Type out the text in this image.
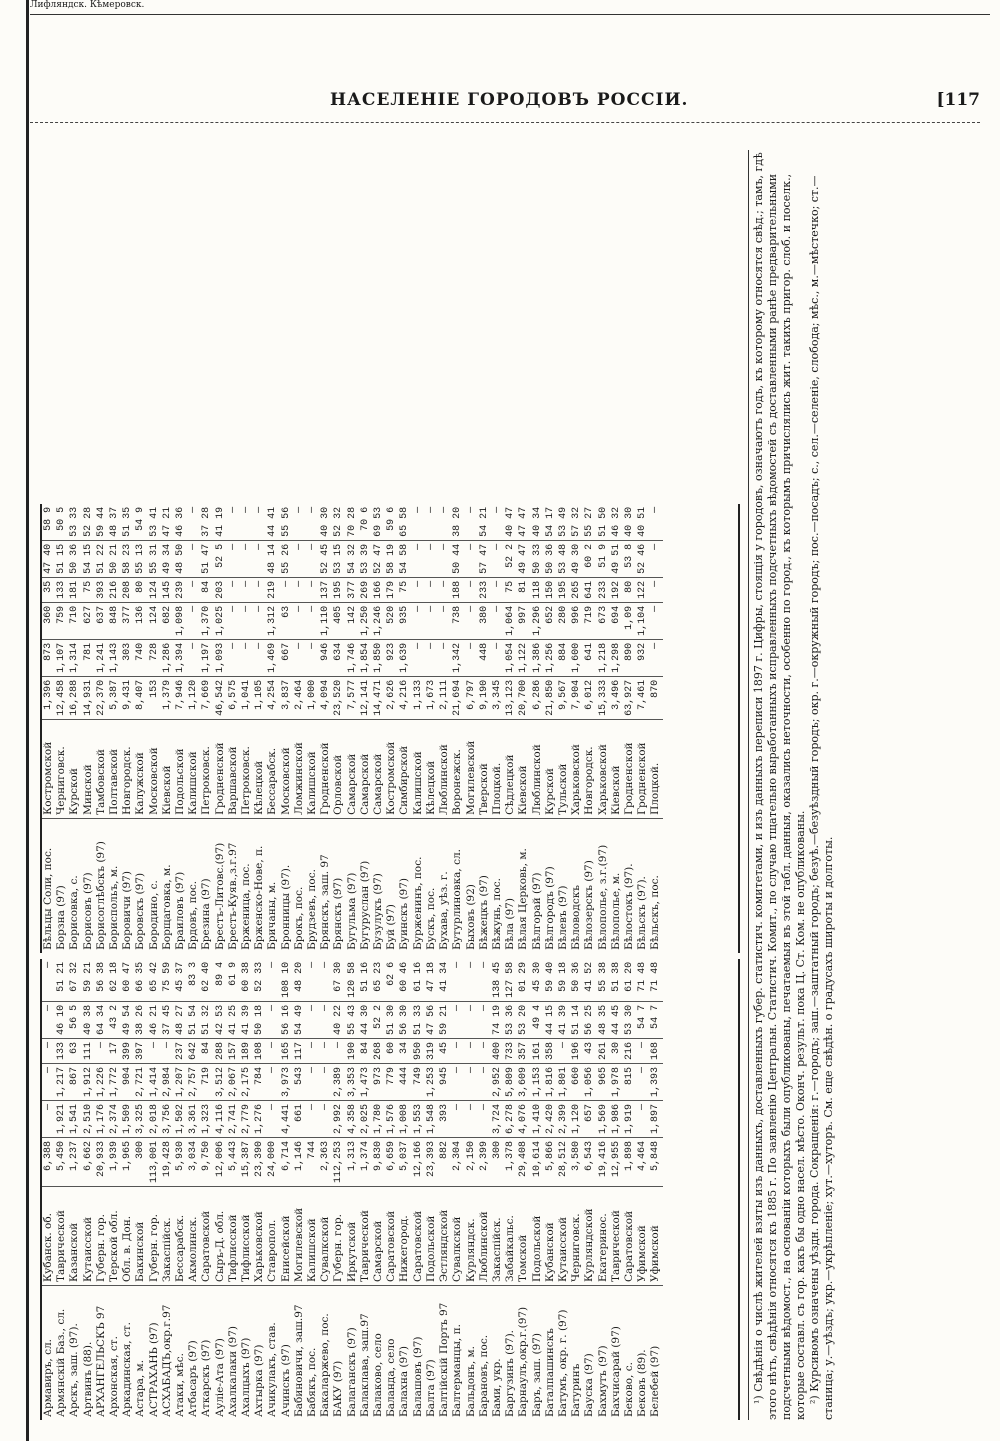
Лифляндск. Кѣмеровск.
НАСЕЛЕНІЕ ГОРОДОВЪ РОССІИ.	[117
Армавиръ, сл.	Кубанск. об.	6,388	—	—	—	—	—
Армянскій Баз., сл.	Таврической	5,450	1,921	1,217	133	46 10	51 21
Арскъ, заш. (97).	Казанской	1,237	1,541	867	63	56 5	67 32
Артвинъ (88).	Кутаисской	6,662	2,510	1,912	111	40 38	59 21
АРХАНГЕЛЬСКЪ 97	Губерн. гор.	20,933	1,176	1,226	—	64 34	56 38
Архонская, ст.	Терской обл.	1,939	2,374	1,772	17	43 2	62 18
Аркадинская, ст.	Обл. в. Дон.	1,965	1,509	904	399	49 54	60 47
Астара, м.	Бакинской	300	3,325	2,721	397	38 26	66 35
АСТРАХАНЬ (97)	Губерн. гор.	113,001	2,018	1,414	—	46 21	65 42
АСХАБАДЪ,окр.г.97	Закаспійск.	19,428	3,756	2,984	—	37 45	75 59
Атаки, мѣс.	Бессарабск.	5,930	1,502	1,207	237	48 27	45 37
Атбасаръ (97)	Акмолинск.	3,034	3,361	2,757	642	51 54	83 3
Аткарскъ (97)	Саратовской	9,750	1,323	719	84	51 32	62 40
Аулiе-Ата (97)	Сыръ-Д. обл.	12,006	4,116	3,512	288	42 53	89 4
Ахалкалаки (97)	Тифлисской	5,443	2,741	2,067	157	41 25	61 9
Ахалцыхъ (97)	Тифлисской	15,387	2,779	2,175	189	41 39	60 38
Ахтырка (97)	Харьковской	23,390	1,276	784	108	50 18	52 33
Ачикулакъ, став.	Ставропол.	24,000	—	—	—	—	—
Ачинскъ (97)	Енисейской	6,714	4,441	3,973	165	56 16	108 10
Бабиновичи, заш.97	Могилевской	1,146	661	543	117	54 49	48 20
Бабякъ, пос.	Калишской	744	—	—	—	—	—
Бакаларжево, пос.	Сувалкской	2,363	—	—	—	—	—
БАКУ (97)	Губерн. гор.	112,253	2,992	2,389	—	40 22	67 30
Балаганскъ (97)	Иркутской	1,313	4,358	3,353	190	55 43	120 58
Балаклава, заш.97	Таврической	1,374	2,025	1,473	84	44 30	51 16
Балаково, село	Самарской	9,830	1,780	973	268	52 2	65 23
Баланда, село	Саратовской	6,659	1,576	779	60	51 30	62 6
Балахна (97)	Нижегород.	5,037	1,008	444	34	56 30	60 46
Балашовъ (97)	Саратовской	12,166	1,553	749	950	51 33	61 16
Балта (97)	Подольской	23,393	1,548	1,253	319	47 56	47 18
Балтійскій Портъ 97	Эстляндской	882	393	945	45	59 21	41 34
Балтерманцы, п.	Сувалкской	2,304	—	—	—	—	—
Бальдонъ, м.	Курляндск.	2,150	—	—	—	—	—
Барановъ, пос.	Люблинской	2,399	—	—	—	—	—
Бами, укр.	Закаспійск.	300	3,724	2,952	400	74 19	138 45
Баргузинъ (97).	Забайкальс.	1,378	6,278	5,809	733	53 36	127 58
Барнаулъ,окр.г.(97)	Томской	29,408	4,076	3,609	357	53 20	01 29
Баръ, заш. (97)	Подольской	10,614	1,410	1,153	161	49 4	45 30
Баталпашинскъ	Кубанской	5,866	2,420	1,816	358	44 15	59 40
Батумъ, окр. г. (97)	Кутаисской	28,512	2,399	1,801	—	41 39	59 18
Батуринъ	Черниговск.	3,580	1,120	660	196	51 14	50 36
Бауска (97)	Курляндской	6,543	657	1,056	43	56 25	41 52
Бахмутъ (97)	Екатеринос.	19,416	1,569	965	261	48 35	55 38
Бахчисарай (97)	Таврической	12,955	1,986	1,978	30	44 45	51 38
Беково, с.	Саратовской	1,898	1,919	815	216	53 30	61 20
Бековъ (89).	Уфимской	4,464	—	—	—	54 7	71 48
Белебей (97)	Уфимской	5,848	1,897	1,393	168	54 7	71 48
Бѣльцы Соли, пос.	Костромской	1,396	873	360	35	47 40	58 9
Борзна (97)	Черниговск.	12,458	1,107	759	133	51 15	50 5
Борисовка, с.	Курской	16,288	1,314	710	181	50 36	53 33
Борисовъ (97)	Минской	14,931	781	627	75	54 15	52 28
Борисоглѣбскъ (97)	Тамбовской	22,370	1,241	637	393	51 22	59 44
Бориспольъ, м.	Полтавской	5,387	1,143	848	216	50 21	48 37
Боровичи (97)	Новгородск.	9,431	303	377	208	58 23	51 35
Боровскъ (97)	Калужской	8,407	740	136	80	55 13	54 9
Бородино, с.	Московской	153	728	124	124	55 31	53 41
Борщаговка, м.	Кіевской	1,379	1,286	682	145	49 34	47 21
Браиловъ (97)	Подольской	7,946	1,394	1,098	239	48 50	46 36
Брдовъ, пос.	Калишской	1,120	—	—	—	—	—
Брезина (97)	Петроковск.	7,669	1,197	1,370	84	51 47	37 28
Брестъ-Литовс.(97)	Гродненской	46,542	1,093	1,025	203	52 5	41 19
Брестъ-Куяв.,з.г.97	Варшавской	6,575	—	—	—	—	—
Брженица, пос.	Петроковск.	1,041	—	—	—	—	—
Брженско-Нове, п.	Кѣлецкой	1,105	—	—	—	—	—
Бричаны, м.	Бессарабск.	4,254	1,469	1,312	219	48 14	44 41
Бронницы (97).	Московской	3,837	667	63	—	55 26	55 56
Брокъ, пос.	Ломжинской	2,464	—	—	—	—	—
Брудзевъ, пос.	Калишской	1,000	—	—	—	—	—
Брянскъ, заш. 97	Гродненской	4,094	946	1,110	137	52 45	40 30
Брянскъ (97)	Орловской	23,520	634	405	195	53 15	52 32
Бугульма (97)	Самарской	7,577	1,746	142	377	54 32	70 28
Бугуруслан (97)	Самарской	12,141	1,854	1,250	269	53 39	70 6
Бузулукъ (97)	Самарской	14,471	1,850	1,246	166	52 47	69 53
Буй (97)	Костромской	2,626	923	520	179	58 19	59 6
Буинскъ (97)	Симбирской	4,216	1,639	935	75	54 58	65 58
Бурженинъ, пос.	Калишской	1,133	—	—	—	—	—
Бускъ, пос.	Кѣлецкой	1,673	—	—	—	—	—
Бухава, уѣз. г.	Люблинской	2,111	—	—	—	—	—
Бутурлиновка, сл.	Воронежск.	21,694	1,342	738	188	50 44	38 20
Быховъ (92)	Могилевской	6,797	—	—	—	—	—
Бѣжецкъ (97)	Тверской	9,190	448	380	233	57 47	54 21
Бѣжунь, пос.	Плоцкой.	3,345	—	—	—	—	—
Бѣла (97)	Сѣдлецкой	13,123	1,054	1,064	75	52 2	40 47
Бѣлая Церковь, м.	Кіевской	20,700	1,122	997	81	49 47	47 47
Бѣлгорай (97)	Люблинской	6,286	1,386	1,296	118	50 33	40 34
Бѣлгородъ (97)	Курской	21,850	1,256	652	150	50 36	54 17
Бѣлевъ (97)	Тульской	9,567	884	280	195	53 48	53 49
Бѣловодскъ	Харьковской	7,904	1,600	996	265	49 30	57 32
Бѣлозерскъ (97)	Новгородск.	6,012	641	719	641	60 2	55 27
Бѣлополье, з.г.(97)	Харьковской	15,333	1,218	673	233	51 9	51 50
Бѣлополье, м.	Кіевской	3,496	1,298	694	192	49 51	46 32
Бѣлостокъ (97).	Гродненской	63,927	890	1,09	80	53 8	40 30
Бѣльскъ (97).	Гродненской	7,461	932	1,104	122	52 46	40 51
Бѣльскъ, пос.	Плоцкой.	870	—	—	—	—	—	¹) Свѣдѣнія о числѣ жителей взяты изъ данныхъ, доставленныхъ губер. статистич. комитетами, и изъ данныхъ переписи 1897 г. Цифры, стоящія у городовъ, означаютъ годъ, къ которому относятся свѣд.; тамъ, гдѣ этого нѣтъ, свѣдѣнія относятся къ 1885 г. По заявленію Центральн. Статистич. Комит., по случаю тщательно выработанныхъ исправленныхъ подсчетныхъ вѣдомостей съ доставленными ранѣе предварительными подсчетными вѣдомост., на основаніи которыхъ были опубликованы, печатаемыя въ этой табл. данныя, оказались неточности, особенно по город., къ которымъ причислялись жит. такихъ пригор. слоб. и поселк., которые составл. съ гор. какъ бы одно насел. мѣсто. Оконч. результ. пока Ц. Ст. Ком. не опубликованы. ²) Курсивомъ означены уѣздн. города. Сокращенія: г.—городъ; заш.—заштатный городъ; безуѣ.—безуѣздный городъ; окр. г.—окружный городъ; пос.—посадъ; с., сел.—селеніе, слобода; мѣс., м.—мѣстечко; ст.—станица; у.—уѣздъ; укр.—укрѣпленіе; хут.—хуторъ. См. еще свѣдѣн. о градусахъ широты и долготы.
